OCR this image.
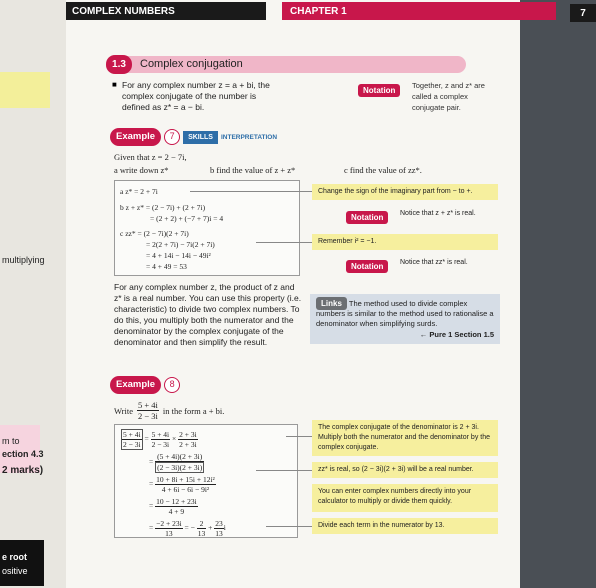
multiplying
m to
ection 4.3
2 marks)
e root
ositive
COMPLEX NUMBERS	CHAPTER 1	7
1.3	Complex conjugation
■ For any complex number z = a + bi, the complex conjugate of the number is defined as z* = a − bi.
Notation
Together, z and z* are called a complex conjugate pair.
Example	7	SKILLS	INTERPRETATION
Given that z = 2 − 7i,
a write down z*	b find the value of z + z*	c find the value of zz*.
a z* = 2 + 7i
b z + z* = (2 − 7i) + (2 + 7i)
= (2 + 2) + (−7 + 7)i = 4
c zz* = (2 − 7i)(2 + 7i)
= 2(2 + 7i) − 7i(2 + 7i)
= 4 + 14i − 14i − 49i²
= 4 + 49 = 53
Change the sign of the imaginary part from − to +.
Notation	Notice that z + z* is real.
Remember i² = −1.
Notation	Notice that zz* is real.
For any complex number z, the product of z and z* is a real number. You can use this property (i.e. characteristic) to divide two complex numbers. To do this, you multiply both the numerator and the denominator by the complex conjugate of the denominator and then simplify the result.
Links The method used to divide complex numbers is similar to the method used to rationalise a denominator when simplifying surds.
← Pure 1 Section 1.5
Example	8
Write $\frac{5 + 4i}{2 - 3i}$ in the form a + bi.
$\frac{5 + 4i}{2 - 3i} = \frac{5 + 4i}{2 - 3i} \times \frac{2 + 3i}{2 + 3i}$
= $\frac{(5 + 4i)(2 + 3i)}{(2 - 3i)(2 + 3i)}$
= $\frac{\text{10 + 8i + 15i + 12i²}}{\text{4 + 6i − 6i − 9i²}}$
= $\frac{10 - 12 + 23i}{4 + 9}$
= $\frac{-2 + 23i}{13}$ = − $\frac{2}{13} + \frac{23}{13}$ i
The complex conjugate of the denominator is 2 + 3i. Multiply both the numerator and the denominator by the complex conjugate.
zz* is real, so (2 − 3i)(2 + 3i) will be a real number.
You can enter complex numbers directly into your calculator to multiply or divide them quickly.
Divide each term in the numerator by 13.
